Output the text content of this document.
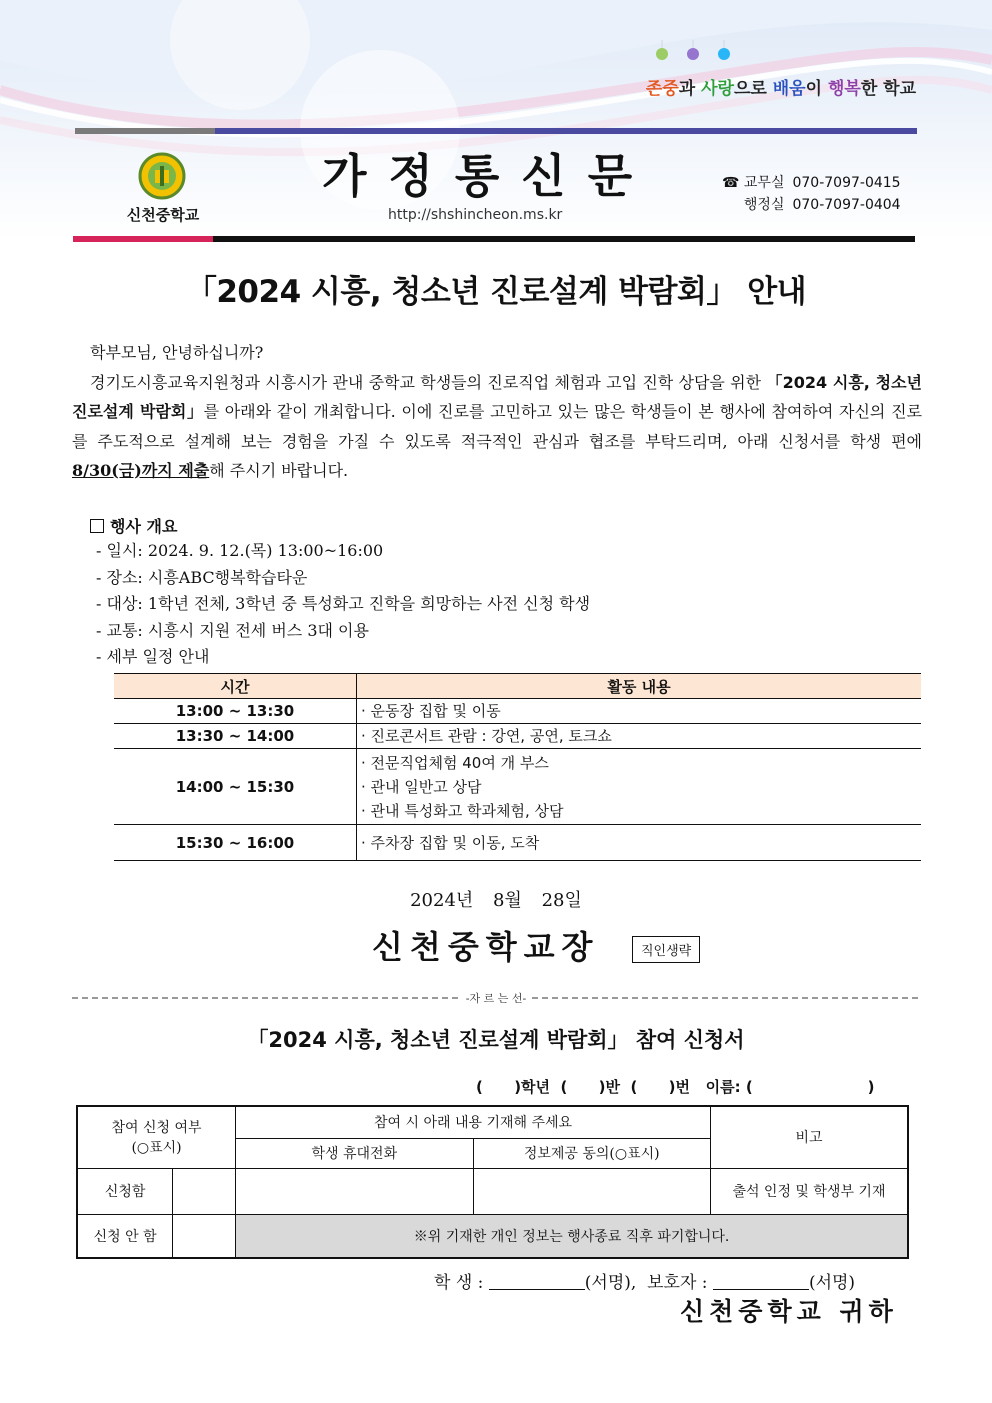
존중과 사랑으로 배움이 행복한 학교
신천중학교
가정통신문
http://shshincheon.ms.kr
☎ 교무실 070-7097-0415
행정실 070-7097-0404
「2024 시흥, 청소년 진로설계 박람회」 안내

학부모님, 안녕하십니까?

경기도시흥교육지원청과 시흥시가 관내 중학교 학생들의 진로직업 체험과 고입 진학 상담을 위한 「2024 시흥, 청소년 진로설계 박람회」를 아래와 같이 개최합니다. 이에 진로를 고민하고 있는 많은 학생들이 본 행사에 참여하여 자신의 진로를 주도적으로 설계해 보는 경험을 가질 수 있도록 적극적인 관심과 협조를 부탁드리며, 아래 신청서를 학생 편에 8/30(금)까지 제출해 주시기 바랍니다.

행사 개요
- 일시: 2024. 9. 12.(목) 13:00~16:00
- 장소: 시흥ABC행복학습타운
- 대상: 1학년 전체, 3학년 중 특성화고 진학을 희망하는 사전 신청 학생
- 교통: 시흥시 지원 전세 버스 3대 이용
- 세부 일정 안내
시간	활동 내용
13:00 ~ 13:30	· 운동장 집합 및 이동

13:30 ~ 14:00	· 진로콘서트 관람 : 강연, 공연, 토크쇼

14:00 ~ 15:30	· 전문직업체험 40여 개 부스
· 관내 일반고 상담
· 관내 특성화고 학과체험, 상담

15:30 ~ 16:00	· 주차장 집합 및 이동, 도착
2024년 8월 28일
신천중학교장	직인생략
-자 르 는 선-
「2024 시흥, 청소년 진로설계 박람회」 참여 신청서
(      )학년  (      )반  (      )번   이름: (                      )
참여 신청 여부
(○표시)		참여 시 아래 내용 기재해 주세요		비고
		학생 휴대전화	정보제공 동의(○표시)	
신청함				출석 인정 및 학생부 기재
신청 안 함		※위 기재한 개인 정보는 행사종료 직후 파기합니다.		
학 생 :	(서명), 보호자 :	(서명)
신천중학교 귀하
